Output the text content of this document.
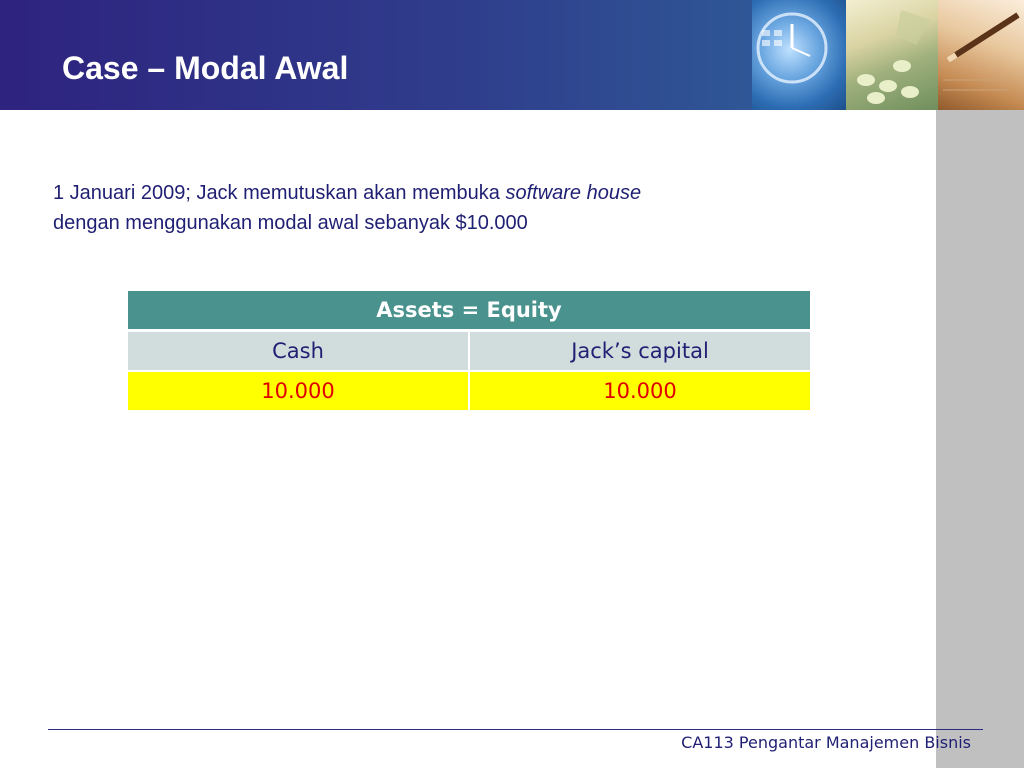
Case – Modal Awal
1 Januari 2009; Jack memutuskan akan membuka software house
dengan menggunakan modal awal sebanyak $10.000
Assets = Equity	
Cash	Jack’s capital
10.000	10.000
CA113 Pengantar Manajemen Bisnis
